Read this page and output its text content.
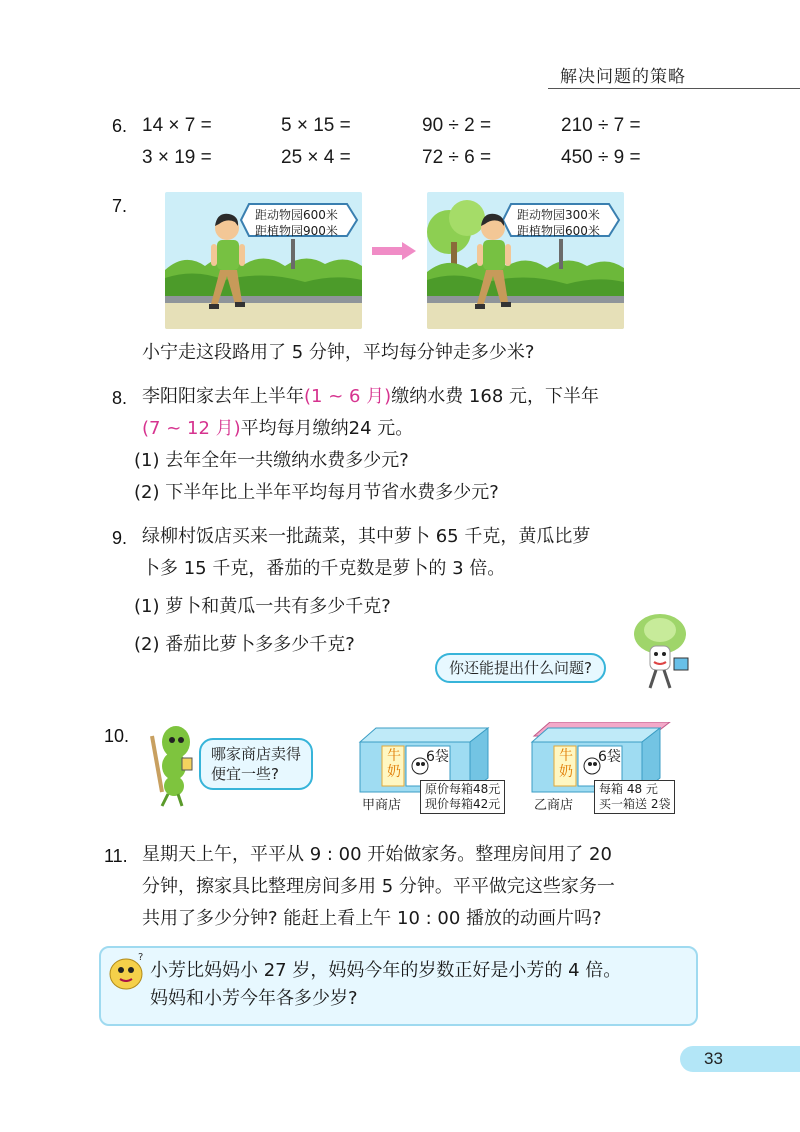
解决问题的策略
6. 14 × 7 =	5 × 15 =	90 ÷ 2 =	210 ÷ 7 =
3 × 19 =	25 × 4 =	72 ÷ 6 =	450 ÷ 9 =
7.	距动物园600米
距植物园900米
距动物园300米
距植物园600米
小宁走这段路用了 5 分钟，平均每分钟走多少米?
8. 李阳阳家去年上半年(1 ~ 6 月)缴纳水费 168 元，下半年
(7 ~ 12 月)平均每月缴纳24 元。
(1) 去年全年一共缴纳水费多少元?
(2) 下半年比上半年平均每月节省水费多少元?
9. 绿柳村饭店买来一批蔬菜，其中萝卜 65 千克，黄瓜比萝
卜多 15 千克，番茄的千克数是萝卜的 3 倍。
(1) 萝卜和黄瓜一共有多少千克?
(2) 番茄比萝卜多多少千克?
你还能提出什么问题?
10.
哪家商店卖得
便宜一些?
牛
奶
6袋
原价每箱48元
现价每箱42元
甲商店
牛
奶
6袋
每箱 48 元
买一箱送 2袋
乙商店
11. 星期天上午，平平从 9 : 00 开始做家务。整理房间用了 20
分钟，擦家具比整理房间多用 5 分钟。平平做完这些家务一
共用了多少分钟? 能赶上看上午 10 : 00 播放的动画片吗?
?
小芳比妈妈小 27 岁，妈妈今年的岁数正好是小芳的 4 倍。
妈妈和小芳今年各多少岁?
33
